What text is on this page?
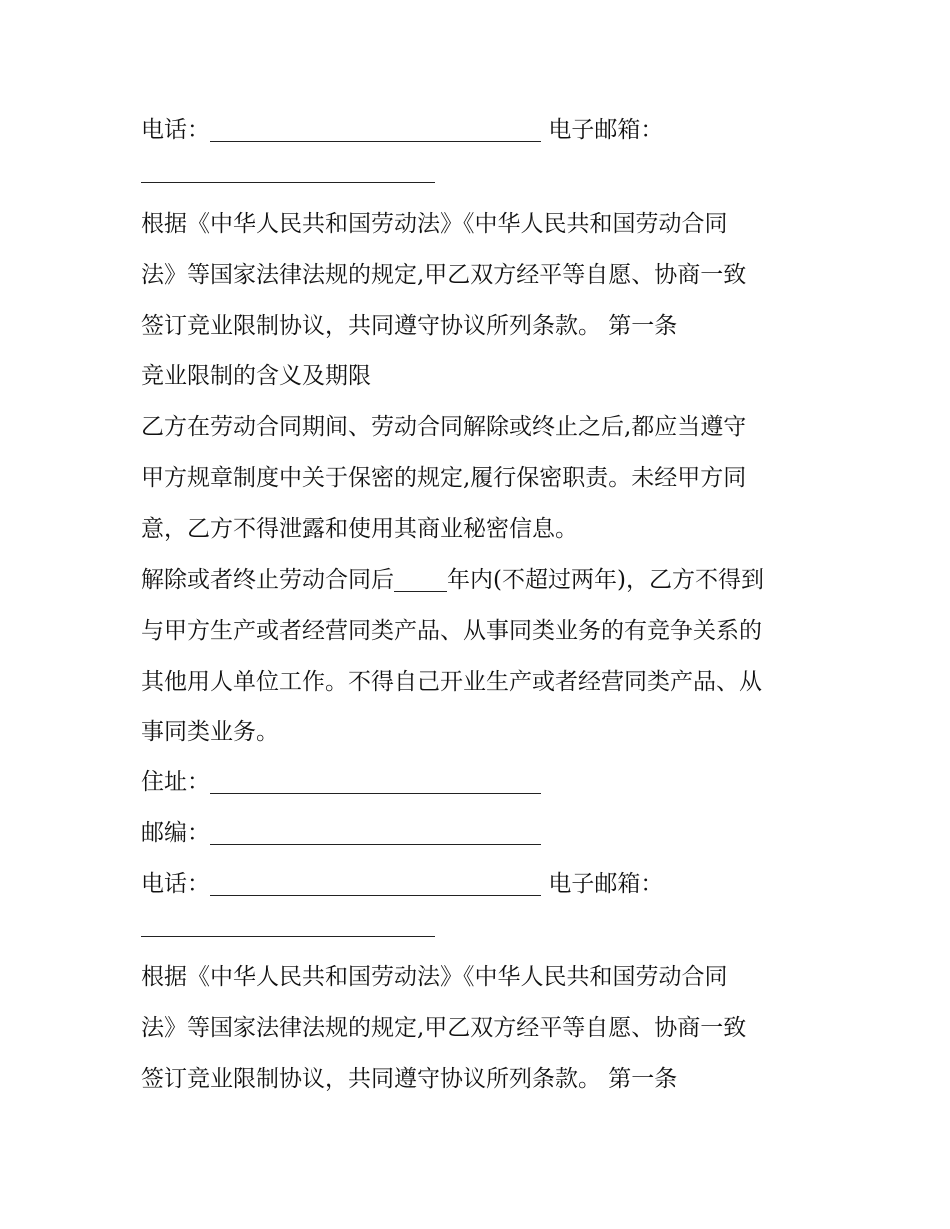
电话：	电子邮箱：
根据《中华人民共和国劳动法》《中华人民共和国劳动合同
法》等国家法律法规的规定,甲乙双方经平等自愿、协商一致
签订竞业限制协议，共同遵守协议所列条款。 第一条
竞业限制的含义及期限
乙方在劳动合同期间、劳动合同解除或终止之后,都应当遵守
甲方规章制度中关于保密的规定,履行保密职责。未经甲方同
意，乙方不得泄露和使用其商业秘密信息。
解除或者终止劳动合同后 年内(不超过两年)，乙方不得到
与甲方生产或者经营同类产品、从事同类业务的有竞争关系的
其他用人单位工作。不得自己开业生产或者经营同类产品、从
事同类业务。
住址：
邮编：
电话：	电子邮箱：
根据《中华人民共和国劳动法》《中华人民共和国劳动合同
法》等国家法律法规的规定,甲乙双方经平等自愿、协商一致
签订竞业限制协议，共同遵守协议所列条款。 第一条
